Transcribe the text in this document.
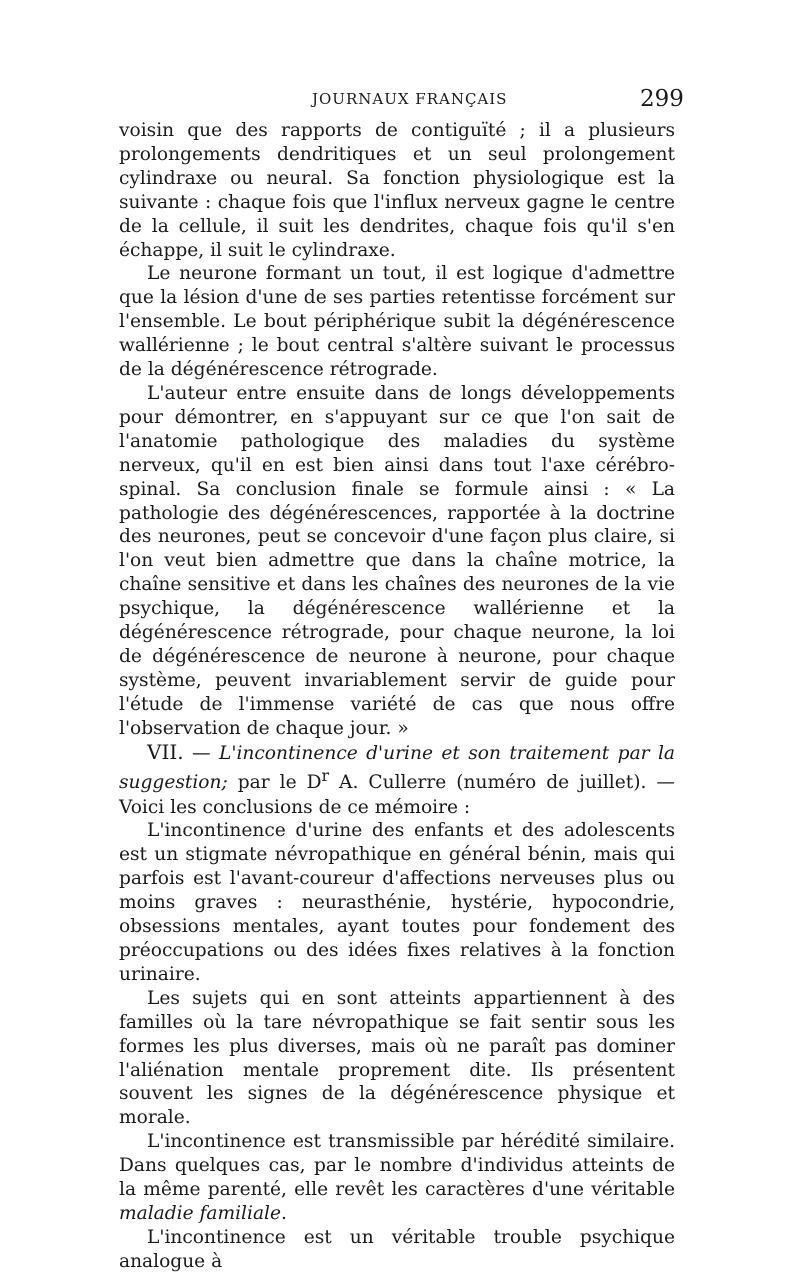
JOURNAUX FRANÇAIS	299

voisin que des rapports de contiguïté ; il a plusieurs prolongements dendritiques et un seul prolongement cylindraxe ou neural. Sa fonction physiologique est la suivante : chaque fois que l'influx nerveux gagne le centre de la cellule, il suit les dendrites, chaque fois qu'il s'en échappe, il suit le cylindraxe.

Le neurone formant un tout, il est logique d'admettre que la lésion d'une de ses parties retentisse forcément sur l'ensemble. Le bout périphérique subit la dégénérescence wallérienne ; le bout central s'altère suivant le processus de la dégénérescence rétrograde.

L'auteur entre ensuite dans de longs développements pour démontrer, en s'appuyant sur ce que l'on sait de l'anatomie pathologique des maladies du système nerveux, qu'il en est bien ainsi dans tout l'axe cérébro-spinal. Sa conclusion finale se formule ainsi : « La pathologie des dégénérescences, rapportée à la doctrine des neurones, peut se concevoir d'une façon plus claire, si l'on veut bien admettre que dans la chaîne motrice, la chaîne sensitive et dans les chaînes des neurones de la vie psychique, la dégénérescence wallérienne et la dégénérescence rétrograde, pour chaque neurone, la loi de dégénérescence de neurone à neurone, pour chaque système, peuvent invariablement servir de guide pour l'étude de l'immense variété de cas que nous offre l'observation de chaque jour. »

VII. — L'incontinence d'urine et son traitement par la suggestion; par le $D^r$ A. Cullerre (numéro de juillet). — Voici les conclusions de ce mémoire :

L'incontinence d'urine des enfants et des adolescents est un stigmate névropathique en général bénin, mais qui parfois est l'avant-coureur d'affections nerveuses plus ou moins graves : neurasthénie, hystérie, hypocondrie, obsessions mentales, ayant toutes pour fondement des préoccupations ou des idées fixes relatives à la fonction urinaire.

Les sujets qui en sont atteints appartiennent à des familles où la tare névropathique se fait sentir sous les formes les plus diverses, mais où ne paraît pas dominer l'aliénation mentale proprement dite. Ils présentent souvent les signes de la dégénérescence physique et morale.

L'incontinence est transmissible par hérédité similaire. Dans quelques cas, par le nombre d'individus atteints de la même parenté, elle revêt les caractères d'une véritable maladie familiale.

L'incontinence est un véritable trouble psychique analogue à
